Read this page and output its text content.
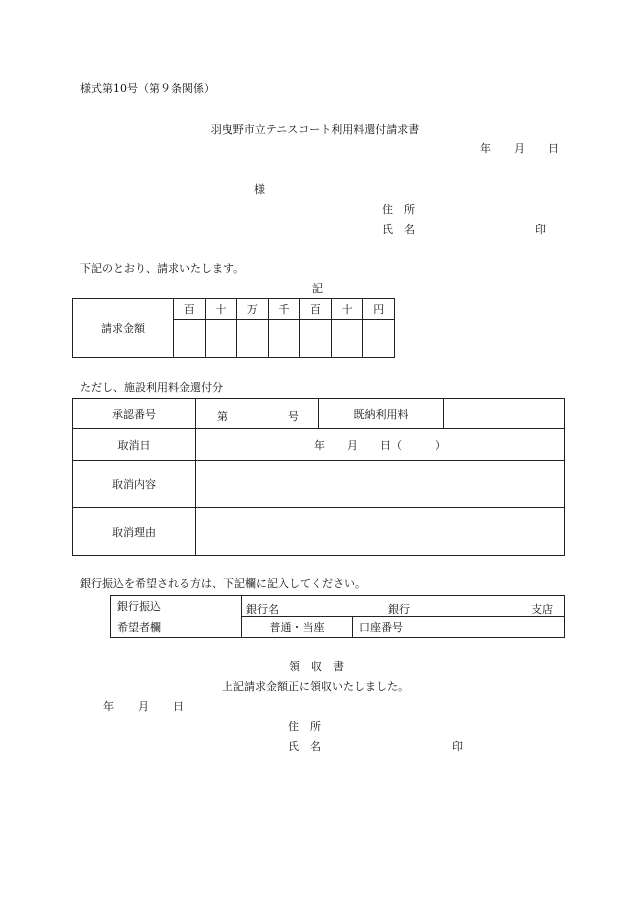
様式第10号（第９条関係）
羽曳野市立テニスコート利用料還付請求書
年 月 日
様
住　所
氏　名	印
下記のとおり、請求いたします。
記
請求金額	百	十	万	千	百	十	円

ただし、施設利用料金還付分
承認番号	第 号	既納利用料	
取消日	年　　月　　日（　　　）		
取消内容			
取消理由			
銀行振込を希望される方は、下記欄に記入してください。
銀行振込	銀行名 銀行 支店	

希望者欄	普通・当座	口座番号
領　収　書
上記請求金額正に領収いたしました。
年 月 日
住　所
氏　名	印
